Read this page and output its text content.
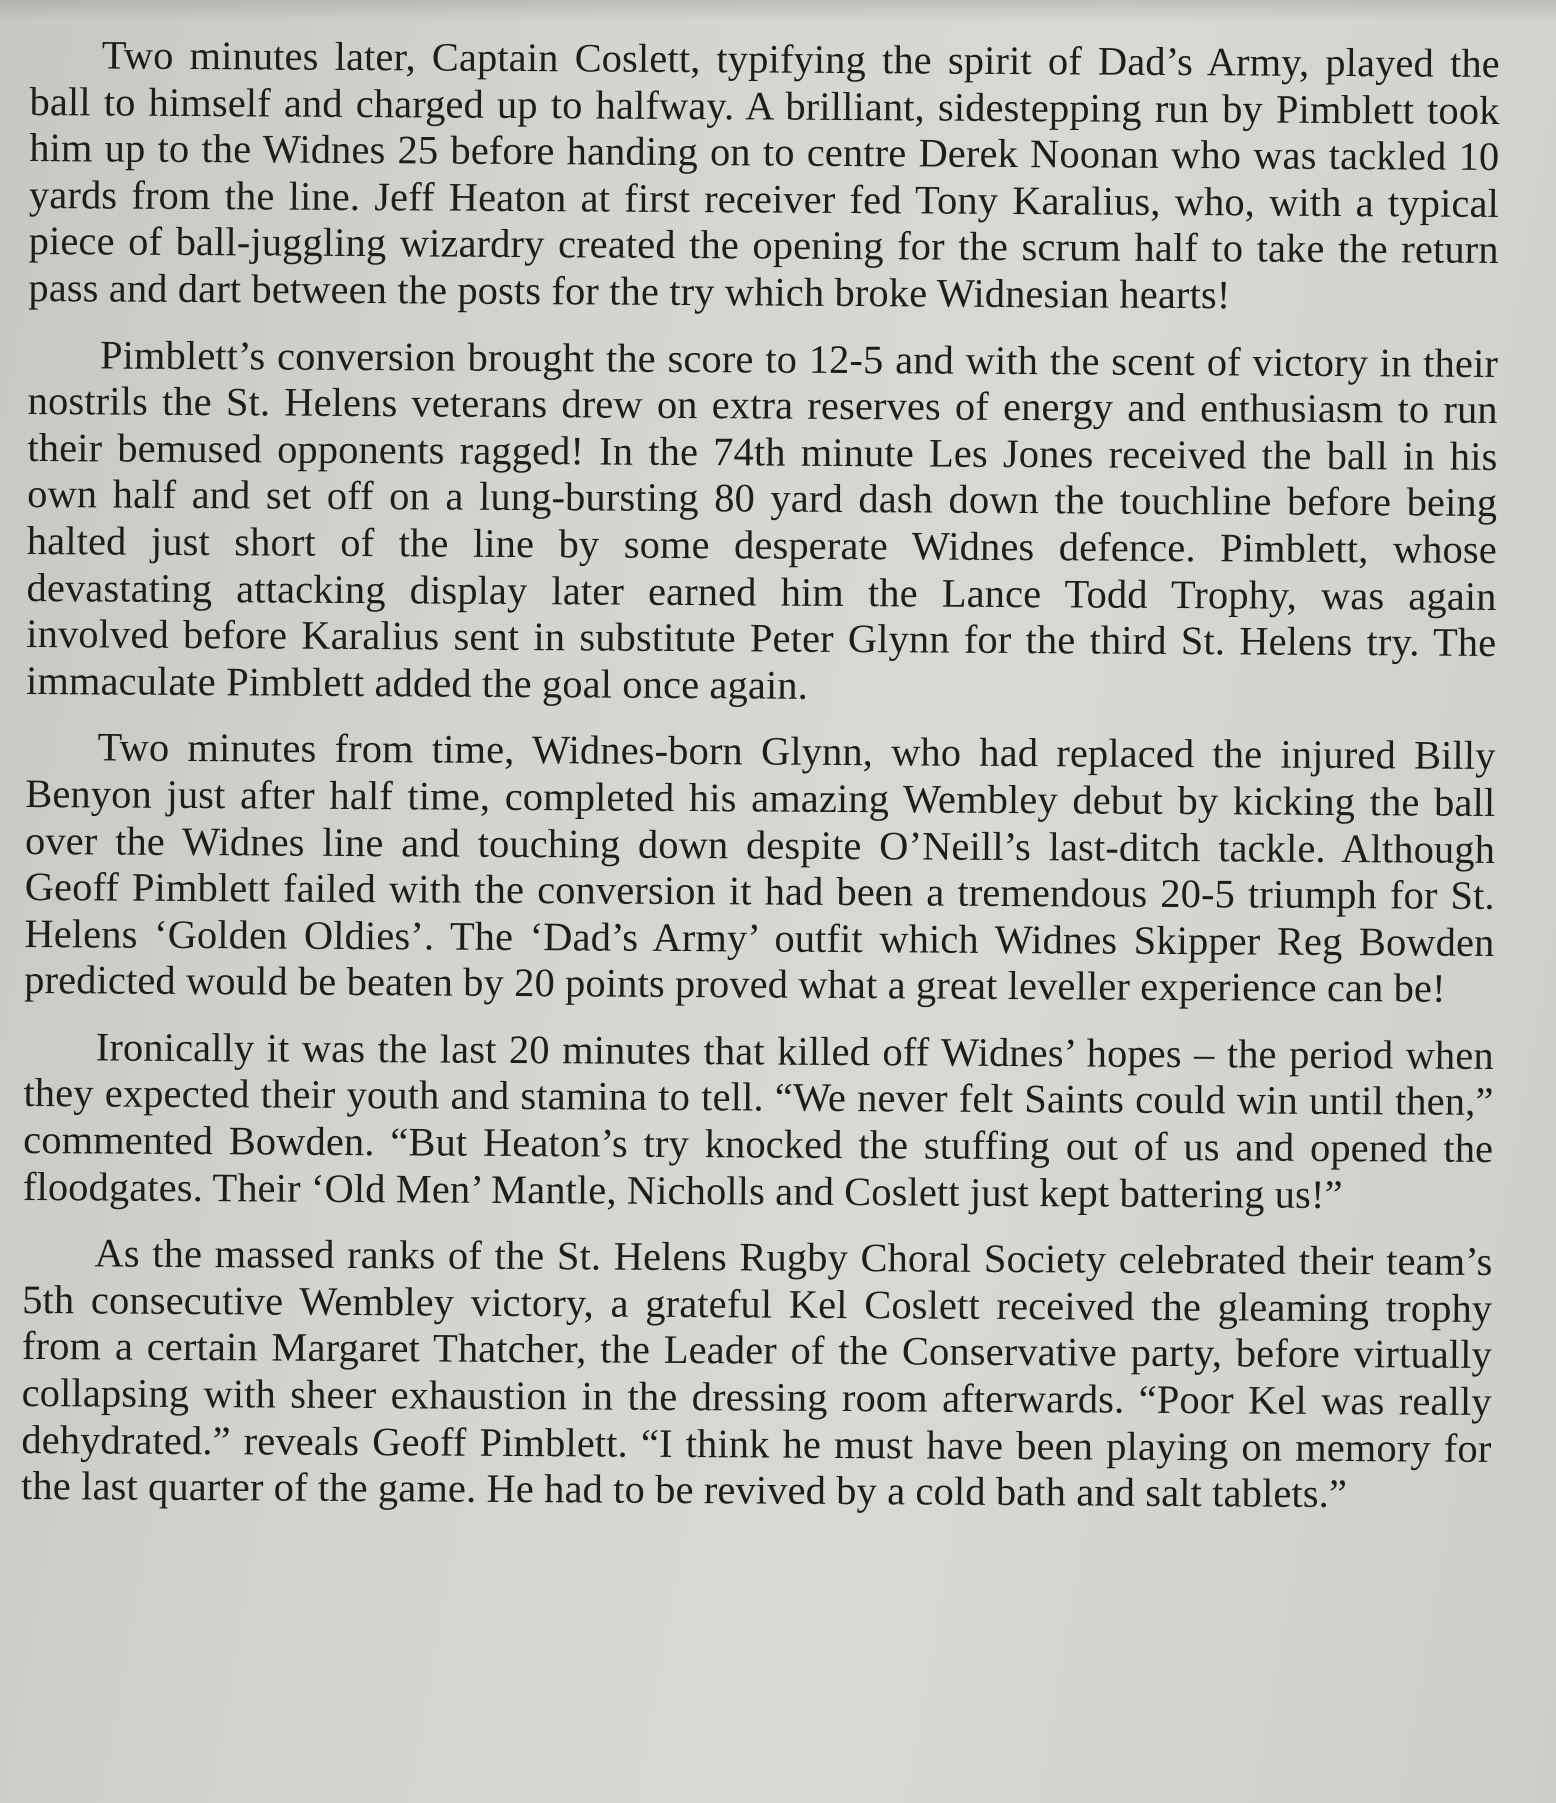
Two minutes later, Captain Coslett, typifying the spirit of Dad’s Army, played the ball to himself and charged up to halfway. A brilliant, sidestepping run by Pimblett took him up to the Widnes 25 before handing on to centre Derek Noonan who was tackled 10 yards from the line. Jeff Heaton at first receiver fed Tony Karalius, who, with a typical piece of ball-juggling wizardry created the opening for the scrum half to take the return pass and dart between the posts for the try which broke Widnesian hearts!

Pimblett’s conversion brought the score to 12-5 and with the scent of victory in their nostrils the St. Helens veterans drew on extra reserves of energy and enthusiasm to run their bemused opponents ragged! In the 74th minute Les Jones received the ball in his own half and set off on a lung-bursting 80 yard dash down the touchline before being halted just short of the line by some desperate Widnes defence. Pimblett, whose devastating attacking display later earned him the Lance Todd Trophy, was again involved before Karalius sent in substitute Peter Glynn for the third St. Helens try. The immaculate Pimblett added the goal once again.

Two minutes from time, Widnes-born Glynn, who had replaced the injured Billy Benyon just after half time, completed his amazing Wembley debut by kicking the ball over the Widnes line and touching down despite O’Neill’s last-ditch tackle. Although Geoff Pimblett failed with the conversion it had been a tremendous 20-5 triumph for St. Helens ‘Golden Oldies’. The ‘Dad’s Army’ outfit which Widnes Skipper Reg Bowden predicted would be beaten by 20 points proved what a great leveller experience can be!

Ironically it was the last 20 minutes that killed off Widnes’ hopes – the period when they expected their youth and stamina to tell. “We never felt Saints could win until then,” commented Bowden. “But Heaton’s try knocked the stuffing out of us and opened the floodgates. Their ‘Old Men’ Mantle, Nicholls and Coslett just kept battering us!”

As the massed ranks of the St. Helens Rugby Choral Society celebrated their team’s 5th consecutive Wembley victory, a grateful Kel Coslett received the gleaming trophy from a certain Margaret Thatcher, the Leader of the Conservative party, before virtually collapsing with sheer exhaustion in the dressing room afterwards. “Poor Kel was really dehydrated.” reveals Geoff Pimblett. “I think he must have been playing on memory for the last quarter of the game. He had to be revived by a cold bath and salt tablets.”
